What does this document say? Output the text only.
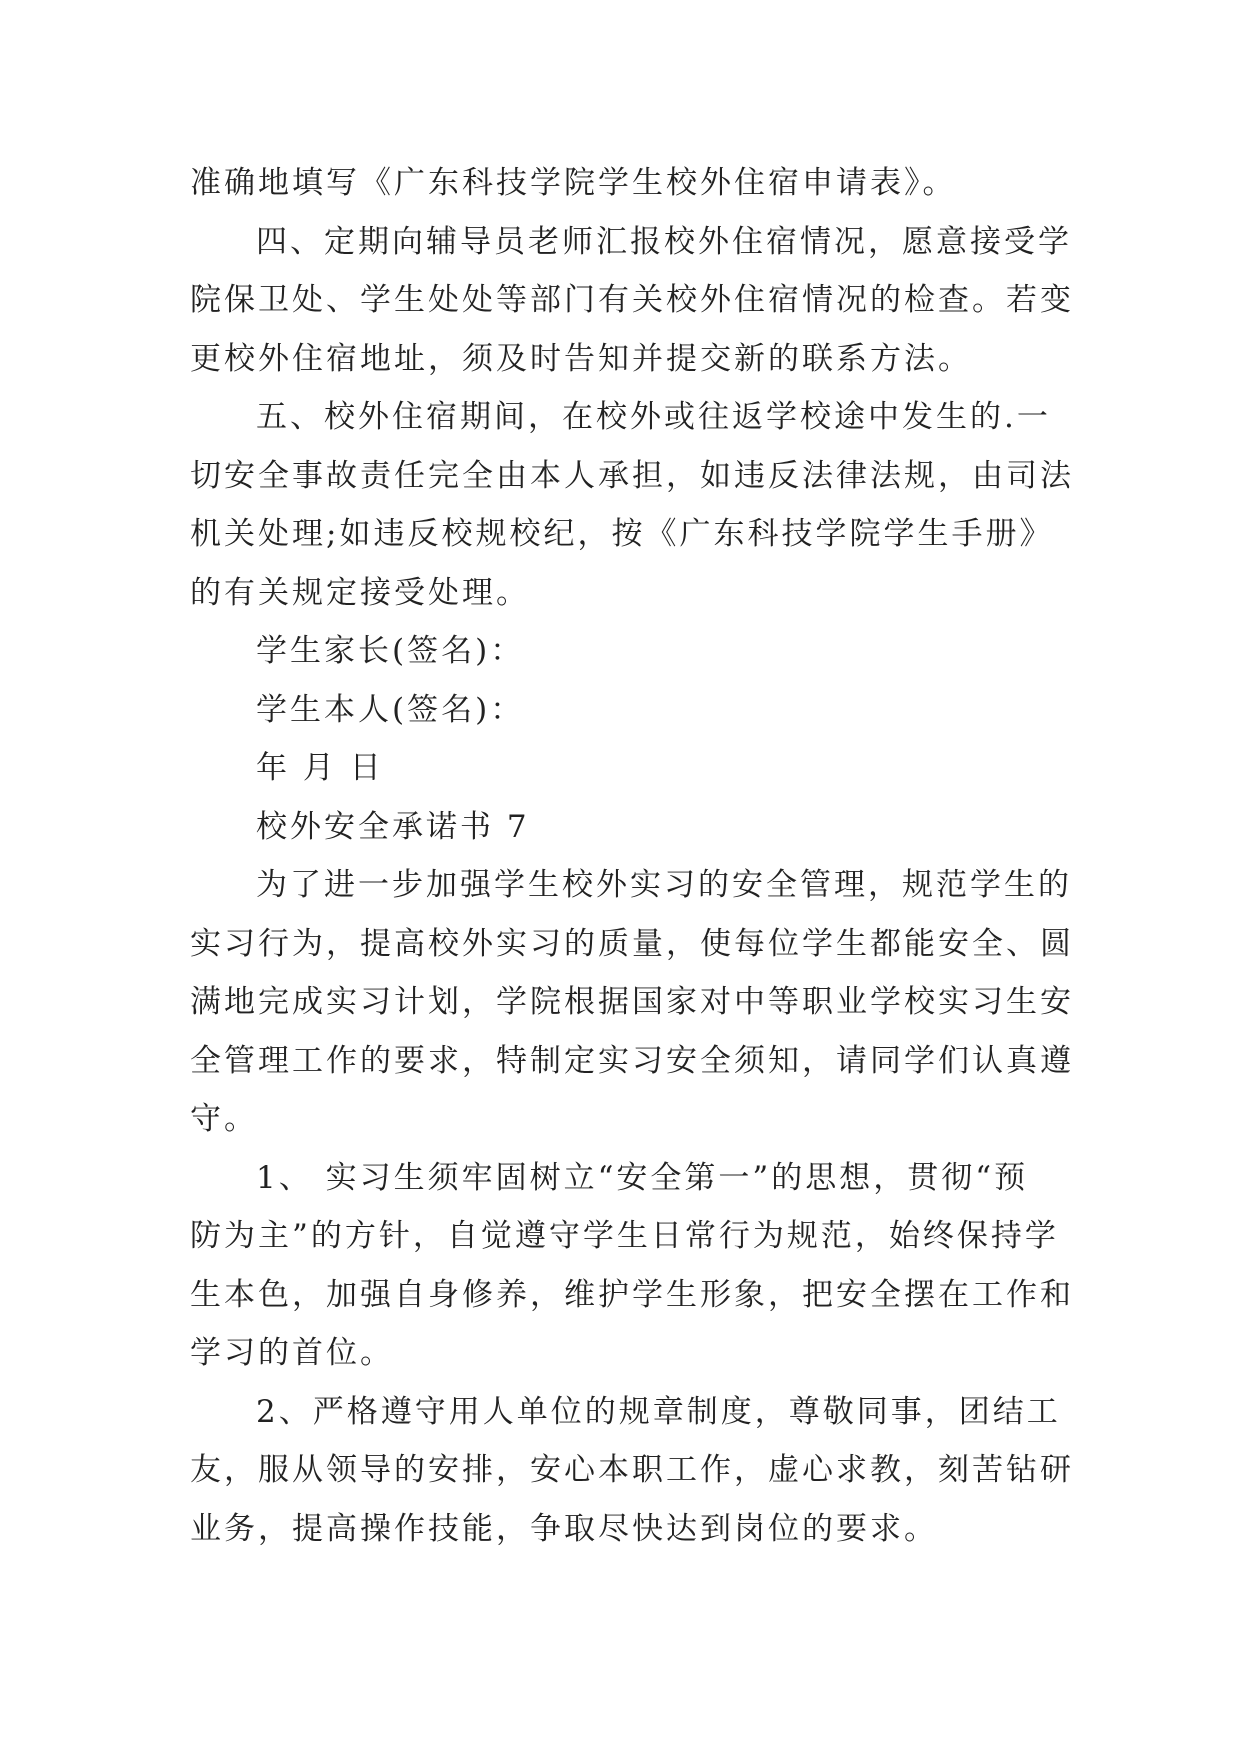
准确地填写《广东科技学院学生校外住宿申请表》。
四、定期向辅导员老师汇报校外住宿情况，愿意接受学
院保卫处、学生处处等部门有关校外住宿情况的检查。若变
更校外住宿地址，须及时告知并提交新的联系方法。
五、校外住宿期间，在校外或往返学校途中发生的.一
切安全事故责任完全由本人承担，如违反法律法规，由司法
机关处理;如违反校规校纪，按《广东科技学院学生手册》
的有关规定接受处理。
学生家长(签名)：
学生本人(签名)：
年 月 日
校外安全承诺书 7
为了进一步加强学生校外实习的安全管理，规范学生的
实习行为，提高校外实习的质量，使每位学生都能安全、圆
满地完成实习计划，学院根据国家对中等职业学校实习生安
全管理工作的要求，特制定实习安全须知，请同学们认真遵
守。
1、 实习生须牢固树立“安全第一”的思想，贯彻“预
防为主”的方针，自觉遵守学生日常行为规范，始终保持学
生本色，加强自身修养，维护学生形象，把安全摆在工作和
学习的首位。
2、严格遵守用人单位的规章制度，尊敬同事，团结工
友，服从领导的安排，安心本职工作，虚心求教，刻苦钻研
业务，提高操作技能，争取尽快达到岗位的要求。
